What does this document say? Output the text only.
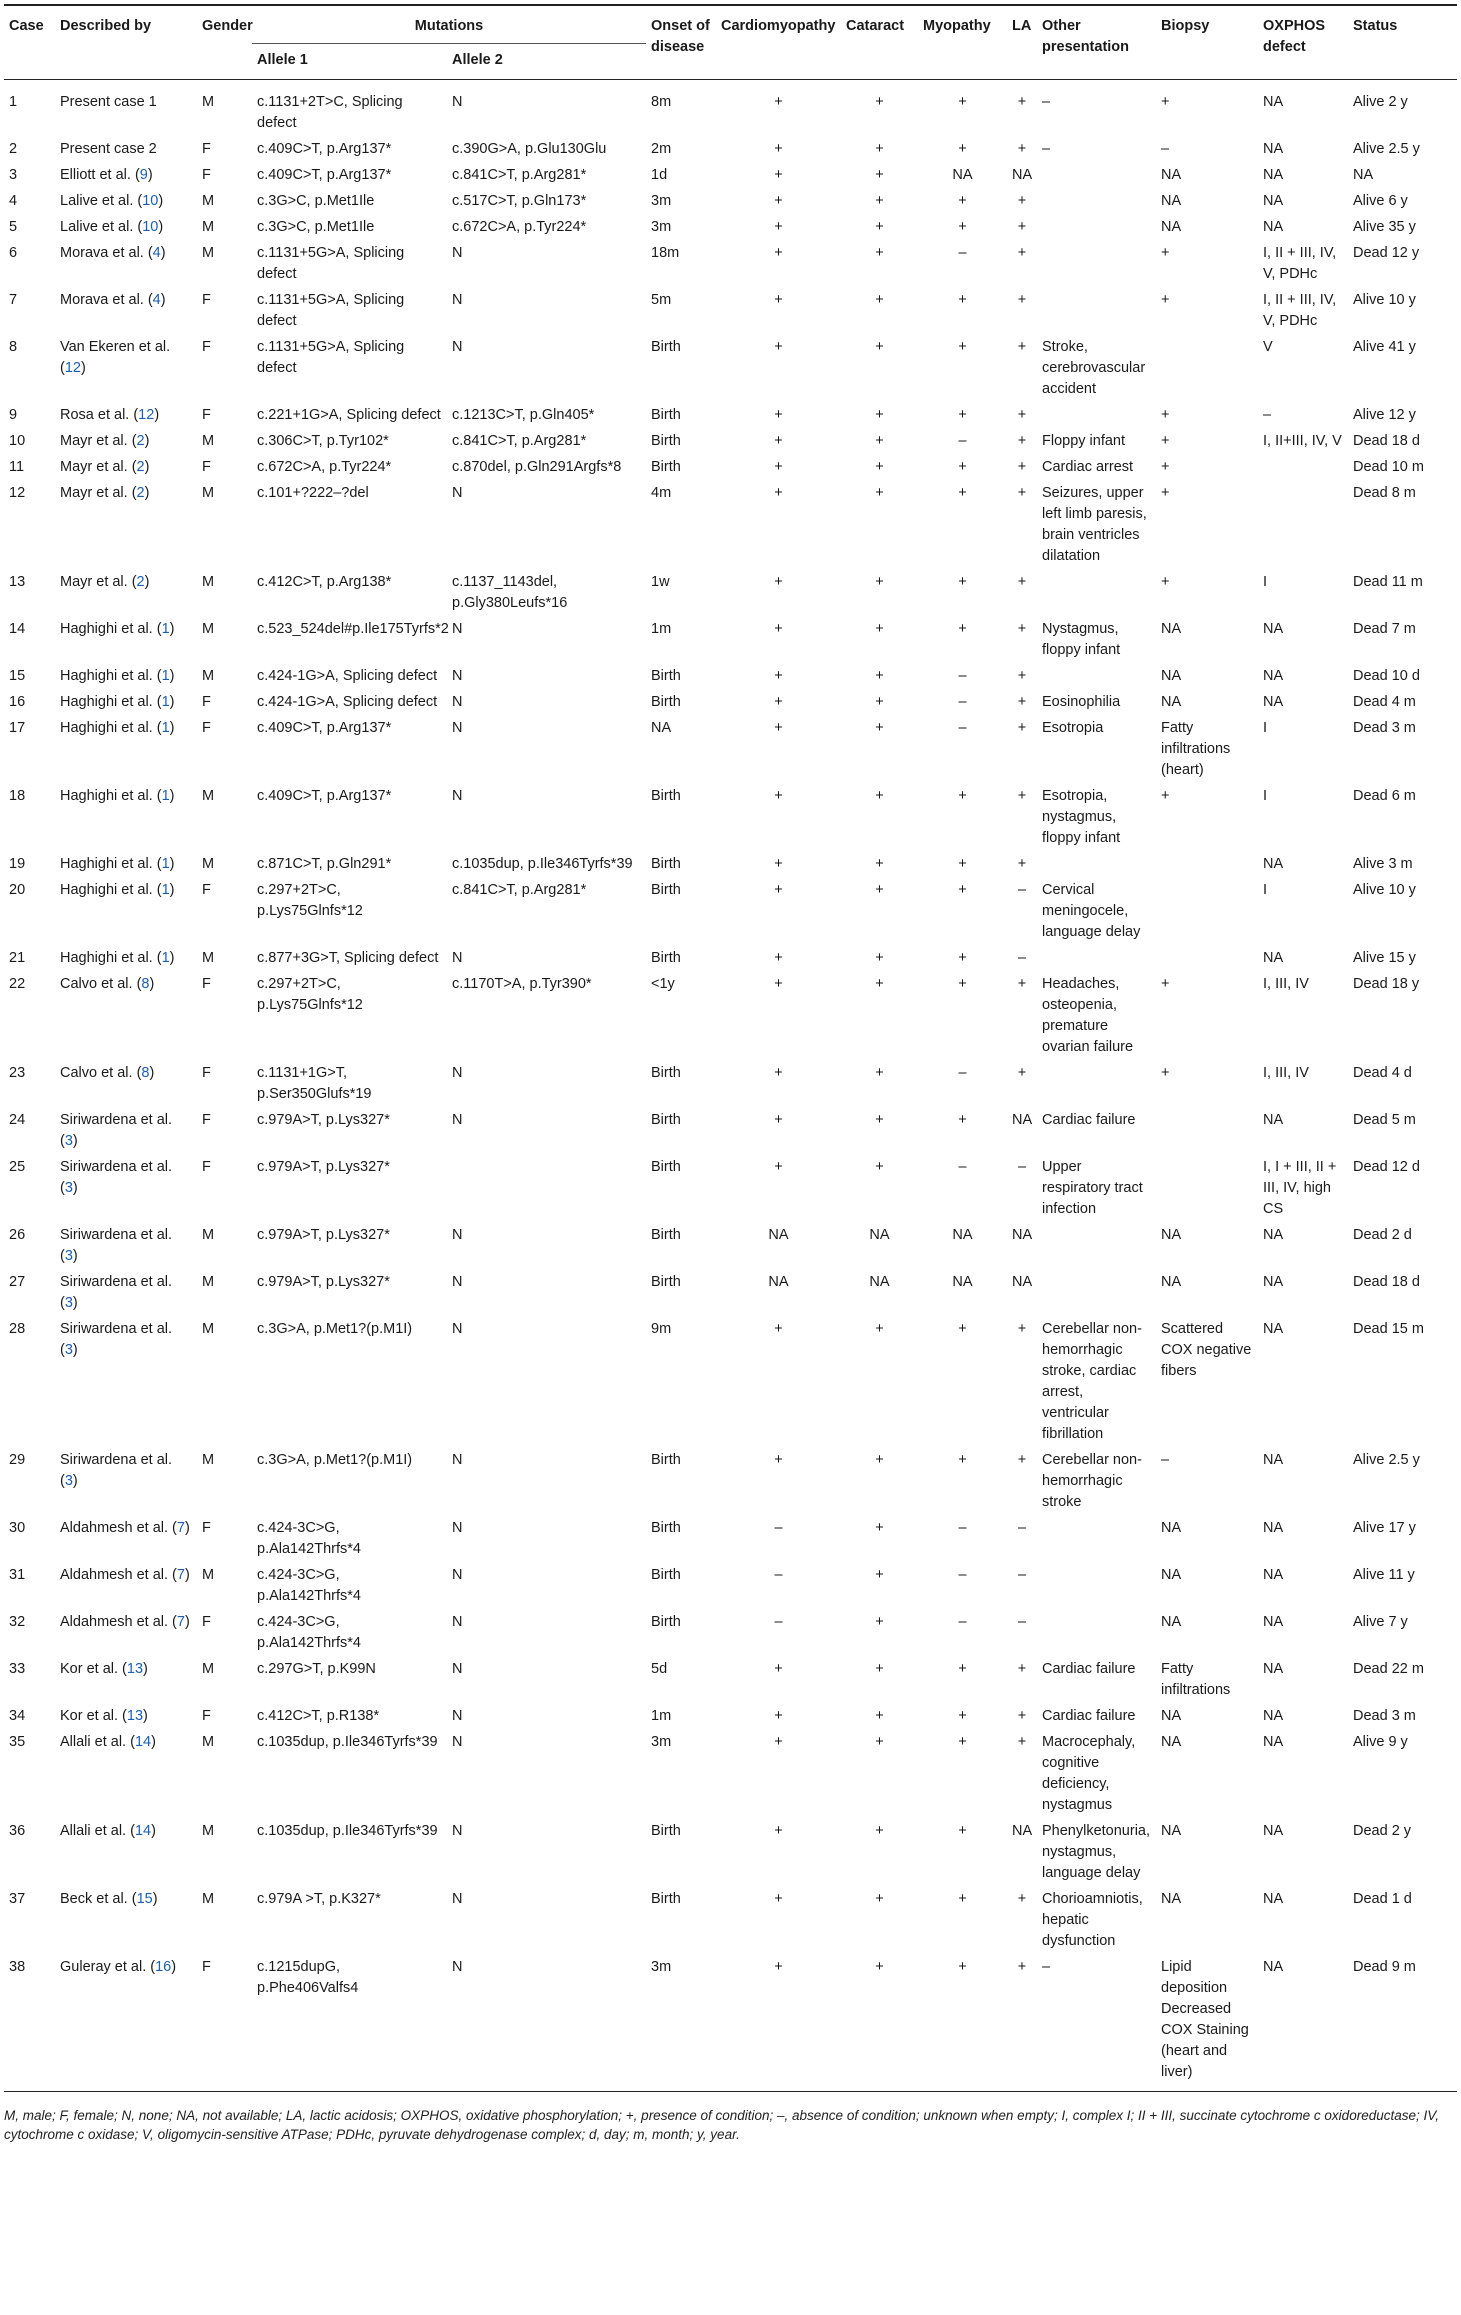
Case	Described by	Gender	Mutations		Onset of disease	Cardiomyopathy	Cataract	Myopathy	LA	Other presentation	Biopsy	OXPHOS defect	Status
			Allele 1	Allele 2									
1	Present case 1	M	c.1131+2T>C, Splicing defect	N	8m	+	+	+	+	–	+	NA	Alive 2 y
2	Present case 2	F	c.409C>T, p.Arg137*	c.390G>A, p.Glu130Glu	2m	+	+	+	+	–	–	NA	Alive 2.5 y
3	Elliott et al. (9)	F	c.409C>T, p.Arg137*	c.841C>T, p.Arg281*	1d	+	+	NA	NA		NA	NA	NA
4	Lalive et al. (10)	M	c.3G>C, p.Met1Ile	c.517C>T, p.Gln173*	3m	+	+	+	+		NA	NA	Alive 6 y
5	Lalive et al. (10)	M	c.3G>C, p.Met1Ile	c.672C>A, p.Tyr224*	3m	+	+	+	+		NA	NA	Alive 35 y
6	Morava et al. (4)	M	c.1131+5G>A, Splicing defect	N	18m	+	+	–	+		+	I, II + III, IV, V, PDHc	Dead 12 y
7	Morava et al. (4)	F	c.1131+5G>A, Splicing defect	N	5m	+	+	+	+		+	I, II + III, IV, V, PDHc	Alive 10 y
8	Van Ekeren et al. (12)	F	c.1131+5G>A, Splicing defect	N	Birth	+	+	+	+	Stroke, cerebrovascular accident		V	Alive 41 y
9	Rosa et al. (12)	F	c.221+1G>A, Splicing defect	c.1213C>T, p.Gln405*	Birth	+	+	+	+		+	–	Alive 12 y
10	Mayr et al. (2)	M	c.306C>T, p.Tyr102*	c.841C>T, p.Arg281*	Birth	+	+	–	+	Floppy infant	+	I, II+III, IV, V	Dead 18 d
11	Mayr et al. (2)	F	c.672C>A, p.Tyr224*	c.870del, p.Gln291Argfs*8	Birth	+	+	+	+	Cardiac arrest	+		Dead 10 m
12	Mayr et al. (2)	M	c.101+?222–?del	N	4m	+	+	+	+	Seizures, upper left limb paresis, brain ventricles dilatation	+		Dead 8 m
13	Mayr et al. (2)	M	c.412C>T, p.Arg138*	c.1137_1143del, p.Gly380Leufs*16	1w	+	+	+	+		+	I	Dead 11 m
14	Haghighi et al. (1)	M	c.523_524del#p.Ile175Tyrfs*2	N	1m	+	+	+	+	Nystagmus, floppy infant	NA	NA	Dead 7 m
15	Haghighi et al. (1)	M	c.424-1G>A, Splicing defect	N	Birth	+	+	–	+		NA	NA	Dead 10 d
16	Haghighi et al. (1)	F	c.424-1G>A, Splicing defect	N	Birth	+	+	–	+	Eosinophilia	NA	NA	Dead 4 m
17	Haghighi et al. (1)	F	c.409C>T, p.Arg137*	N	NA	+	+	–	+	Esotropia	Fatty infiltrations (heart)	I	Dead 3 m
18	Haghighi et al. (1)	M	c.409C>T, p.Arg137*	N	Birth	+	+	+	+	Esotropia, nystagmus, floppy infant	+	I	Dead 6 m
19	Haghighi et al. (1)	M	c.871C>T, p.Gln291*	c.1035dup, p.Ile346Tyrfs*39	Birth	+	+	+	+			NA	Alive 3 m
20	Haghighi et al. (1)	F	c.297+2T>C, p.Lys75Glnfs*12	c.841C>T, p.Arg281*	Birth	+	+	+	–	Cervical meningocele, language delay		I	Alive 10 y
21	Haghighi et al. (1)	M	c.877+3G>T, Splicing defect	N	Birth	+	+	+	–			NA	Alive 15 y
22	Calvo et al. (8)	F	c.297+2T>C, p.Lys75Glnfs*12	c.1170T>A, p.Tyr390*	<1y	+	+	+	+	Headaches, osteopenia, premature ovarian failure	+	I, III, IV	Dead 18 y
23	Calvo et al. (8)	F	c.1131+1G>T, p.Ser350Glufs*19	N	Birth	+	+	–	+		+	I, III, IV	Dead 4 d
24	Siriwardena et al. (3)	F	c.979A>T, p.Lys327*	N	Birth	+	+	+	NA	Cardiac failure		NA	Dead 5 m
25	Siriwardena et al. (3)	F	c.979A>T, p.Lys327*		Birth	+	+	–	–	Upper respiratory tract infection		I, I + III, II + III, IV, high CS	Dead 12 d
26	Siriwardena et al. (3)	M	c.979A>T, p.Lys327*	N	Birth	NA	NA	NA	NA		NA	NA	Dead 2 d
27	Siriwardena et al. (3)	M	c.979A>T, p.Lys327*	N	Birth	NA	NA	NA	NA		NA	NA	Dead 18 d
28	Siriwardena et al. (3)	M	c.3G>A, p.Met1?(p.M1I)	N	9m	+	+	+	+	Cerebellar non-hemorrhagic stroke, cardiac arrest, ventricular fibrillation	Scattered COX negative fibers	NA	Dead 15 m
29	Siriwardena et al. (3)	M	c.3G>A, p.Met1?(p.M1I)	N	Birth	+	+	+	+	Cerebellar non-hemorrhagic stroke	–	NA	Alive 2.5 y
30	Aldahmesh et al. (7)	F	c.424-3C>G, p.Ala142Thrfs*4	N	Birth	–	+	–	–		NA	NA	Alive 17 y
31	Aldahmesh et al. (7)	M	c.424-3C>G, p.Ala142Thrfs*4	N	Birth	–	+	–	–		NA	NA	Alive 11 y
32	Aldahmesh et al. (7)	F	c.424-3C>G, p.Ala142Thrfs*4	N	Birth	–	+	–	–		NA	NA	Alive 7 y
33	Kor et al. (13)	M	c.297G>T, p.K99N	N	5d	+	+	+	+	Cardiac failure	Fatty infiltrations	NA	Dead 22 m
34	Kor et al. (13)	F	c.412C>T, p.R138*	N	1m	+	+	+	+	Cardiac failure	NA	NA	Dead 3 m
35	Allali et al. (14)	M	c.1035dup, p.Ile346Tyrfs*39	N	3m	+	+	+	+	Macrocephaly, cognitive deficiency, nystagmus	NA	NA	Alive 9 y
36	Allali et al. (14)	M	c.1035dup, p.Ile346Tyrfs*39	N	Birth	+	+	+	NA	Phenylketonuria, nystagmus, language delay	NA	NA	Dead 2 y
37	Beck et al. (15)	M	c.979A >T, p.K327*	N	Birth	+	+	+	+	Chorioamniotis, hepatic dysfunction	NA	NA	Dead 1 d
38	Guleray et al. (16)	F	c.1215dupG, p.Phe406Valfs4	N	3m	+	+	+	+	–	Lipid deposition Decreased COX Staining (heart and liver)	NA	Dead 9 m
M, male; F, female; N, none; NA, not available; LA, lactic acidosis; OXPHOS, oxidative phosphorylation; +, presence of condition; –, absence of condition; unknown when empty; I, complex I; II + III, succinate cytochrome c oxidoreductase; IV, cytochrome c oxidase; V, oligomycin-sensitive ATPase; PDHc, pyruvate dehydrogenase complex; d, day; m, month; y, year.
